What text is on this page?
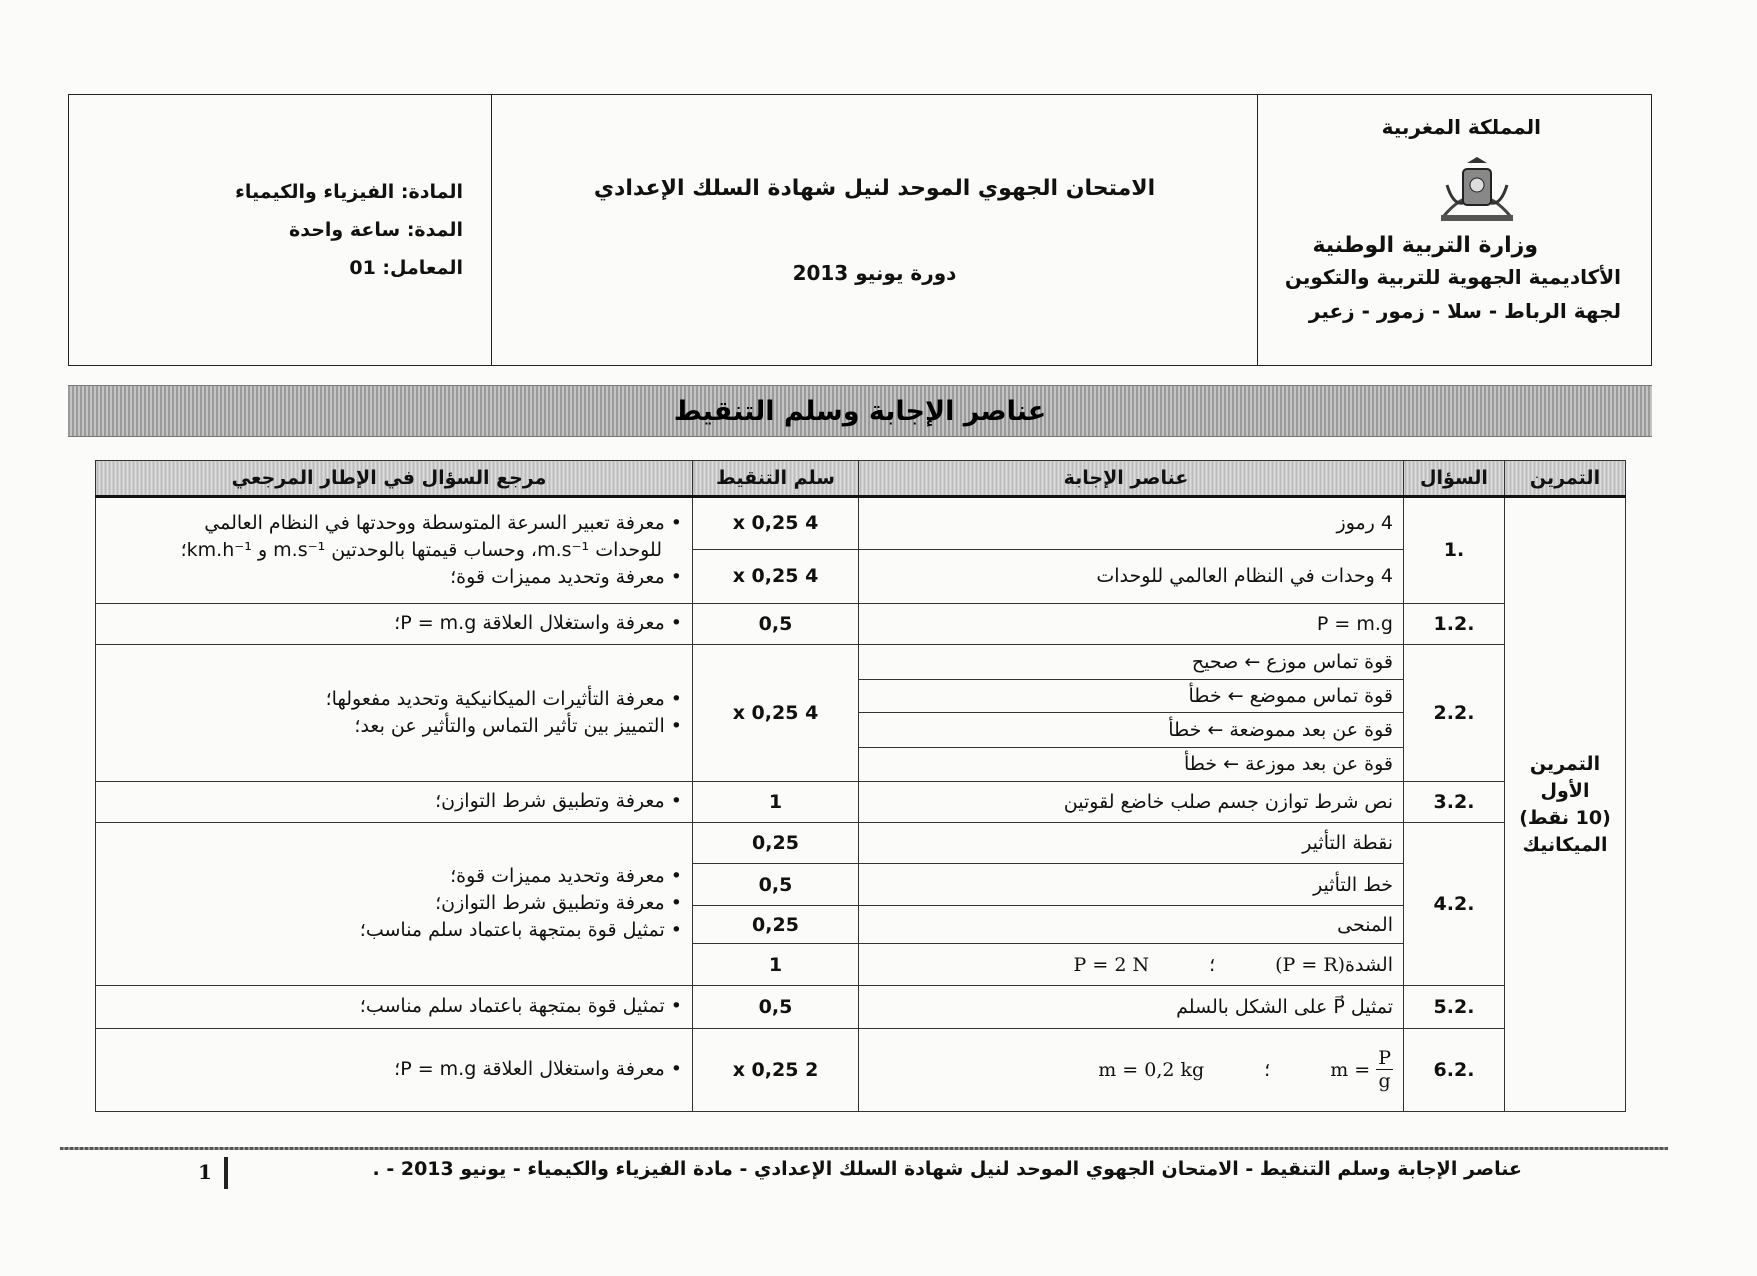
المادة: الفيزياء والكيمياء
المدة: ساعة واحدة
المعامل: 01

الامتحان الجهوي الموحد لنيل شهادة السلك الإعدادي
دورة يونيو 2013

المملكة المغربية
وزارة التربية الوطنية
الأكاديمية الجهوية للتربية والتكوين
لجهة الرباط - سلا - زمور - زعير
عناصر الإجابة وسلم التنقيط
التمرين	السؤال	عناصر الإجابة	سلم التنقيط	مرجع السؤال في الإطار المرجعي

التمرين
الأول
(10 نقط)
الميكانيك	.1	4 رموز	4 x 0,25	• معرفة تعبير السرعة المتوسطة ووحدتها في النظام العالمي
للوحدات m.s⁻¹، وحساب قيمتها بالوحدتين m.s⁻¹ و km.h⁻¹؛
• معرفة وتحديد مميزات قوة؛

		4 وحدات في النظام العالمي للوحدات	4 x 0,25	
	.1.2	P = m.g	0,5	• معرفة واستغلال العلاقة P = m.g؛
	.2.2	قوة تماس موزع ← صحيح	4 x 0,25	• معرفة التأثيرات الميكانيكية وتحديد مفعولها؛
• التمييز بين تأثير التماس والتأثير عن بعد؛

		قوة تماس مموضع ← خطأ		
		قوة عن بعد مموضعة ← خطأ		
		قوة عن بعد موزعة ← خطأ		
	.3.2	نص شرط توازن جسم صلب خاضع لقوتين	1	• معرفة وتطبيق شرط التوازن؛
	.4.2	نقطة التأثير	0,25	• معرفة وتحديد مميزات قوة؛
• معرفة وتطبيق شرط التوازن؛
• تمثيل قوة بمتجهة باعتماد سلم مناسب؛

		خط التأثير	0,5	
		المنحى	0,25	

		الشدة(P = R)
؛
P = 2 N	1	
	.5.2	تمثيل P⃗ على الشكل بالسلم	0,5	• تمثيل قوة بمتجهة باعتماد سلم مناسب؛
	.6.2	$m = \frac{P}{g}$
؛
m = 0,2 kg	2 x 0,25	• معرفة واستغلال العلاقة P = m.g؛
عناصر الإجابة وسلم التنقيط - الامتحان الجهوي الموحد لنيل شهادة السلك الإعدادي - مادة الفيزياء والكيمياء - يونيو 2013 - .
1
